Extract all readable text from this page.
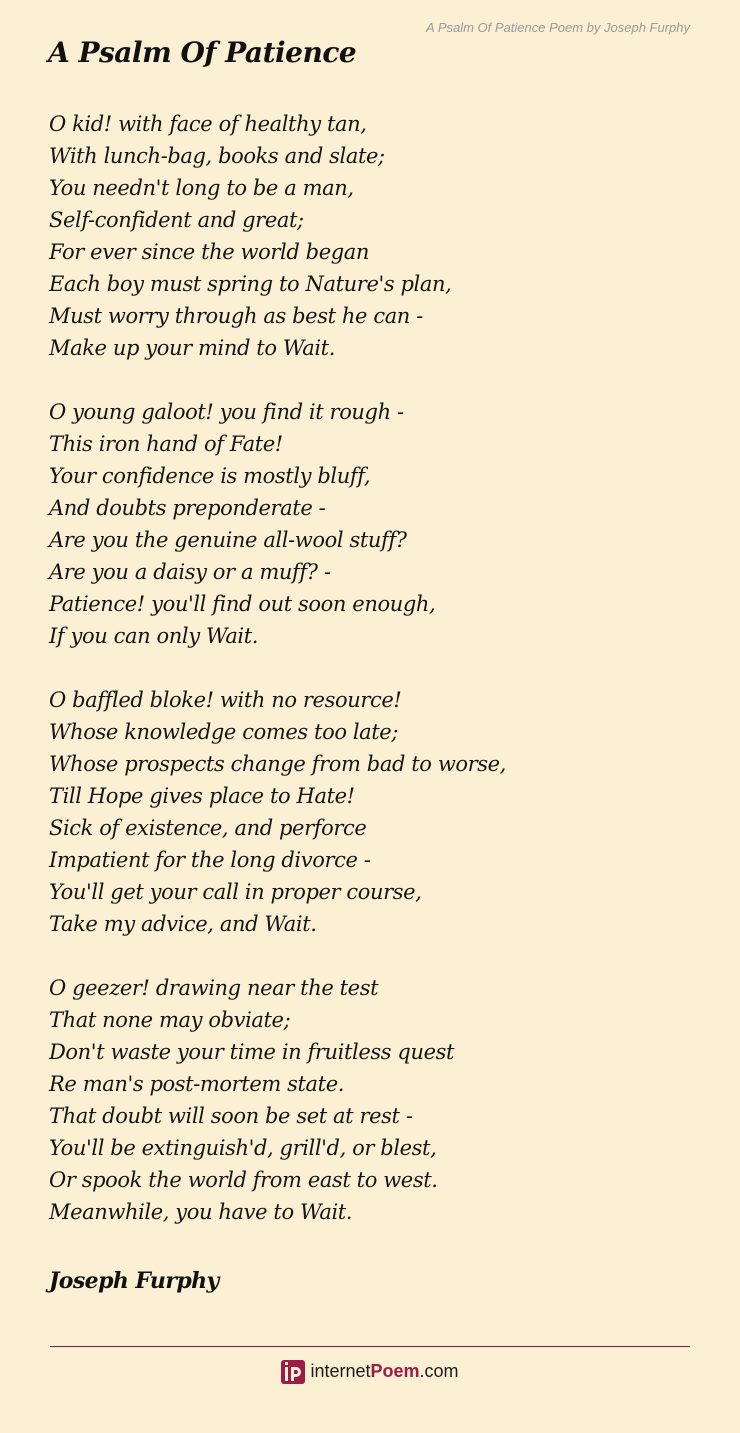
A Psalm Of Patience Poem by Joseph Furphy
A Psalm Of Patience
O kid! with face of healthy tan,
With lunch-bag, books and slate;
You needn't long to be a man,
Self-confident and great;
For ever since the world began
Each boy must spring to Nature's plan,
Must worry through as best he can -
Make up your mind to Wait.
O young galoot! you find it rough -
This iron hand of Fate!
Your confidence is mostly bluff,
And doubts preponderate -
Are you the genuine all-wool stuff?
Are you a daisy or a muff? -
Patience! you'll find out soon enough,
If you can only Wait.
O baffled bloke! with no resource!
Whose knowledge comes too late;
Whose prospects change from bad to worse,
Till Hope gives place to Hate!
Sick of existence, and perforce
Impatient for the long divorce -
You'll get your call in proper course,
Take my advice, and Wait.
O geezer! drawing near the test
That none may obviate;
Don't waste your time in fruitless quest
Re man's post-mortem state.
That doubt will soon be set at rest -
You'll be extinguish'd, grill'd, or blest,
Or spook the world from east to west.
Meanwhile, you have to Wait.
Joseph Furphy
internetPoem.com
